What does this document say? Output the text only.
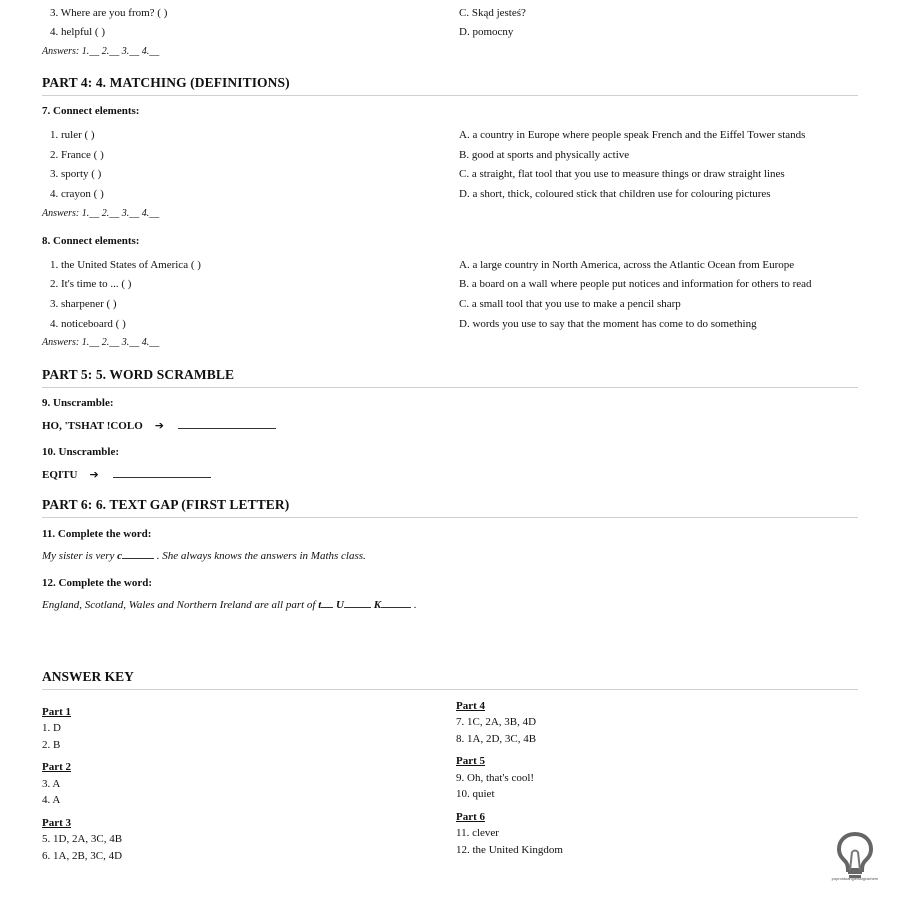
3. Where are you from? ( )	C. Skąd jesteś?
4. helpful ( )	D. pomocny
Answers: 1.__ 2.__ 3.__ 4.__
PART 4: 4. MATCHING (DEFINITIONS)
7. Connect elements:
1. ruler ( )	A. a country in Europe where people speak French and the Eiffel Tower stands
2. France ( )	B. good at sports and physically active
3. sporty ( )	C. a straight, flat tool that you use to measure things or draw straight lines
4. crayon ( )	D. a short, thick, coloured stick that children use for colouring pictures
Answers: 1.__ 2.__ 3.__ 4.__
8. Connect elements:
1. the United States of America ( )	A. a large country in North America, across the Atlantic Ocean from Europe
2. It's time to ... ( )	B. a board on a wall where people put notices and information for others to read
3. sharpener ( )	C. a small tool that you use to make a pencil sharp
4. noticeboard ( )	D. words you use to say that the moment has come to do something
Answers: 1.__ 2.__ 3.__ 4.__
PART 5: 5. WORD SCRAMBLE
9. Unscramble:
HO, 'TSHAT !COLO ➔
10. Unscramble:
EQITU ➔
PART 6: 6. TEXT GAP (FIRST LETTER)
11. Complete the word:
My sister is very c	. She always knows the answers in Maths class.
12. Complete the word:
England, Scotland, Wales and Northern Ireland are all part of t U	K	.
ANSWER KEY
Part 1
1. D
2. B
Part 2
3. A
4. A
Part 3
5. 1D, 2A, 3C, 4B
6. 1A, 2B, 3C, 4D
Part 4
7. 1C, 2A, 3B, 4D
8. 1A, 2D, 3C, 4B
Part 5
9. Oh, that's cool!
10. quiet
Part 6
11. clever
12. the United Kingdom
poprostuangielskigrachem
